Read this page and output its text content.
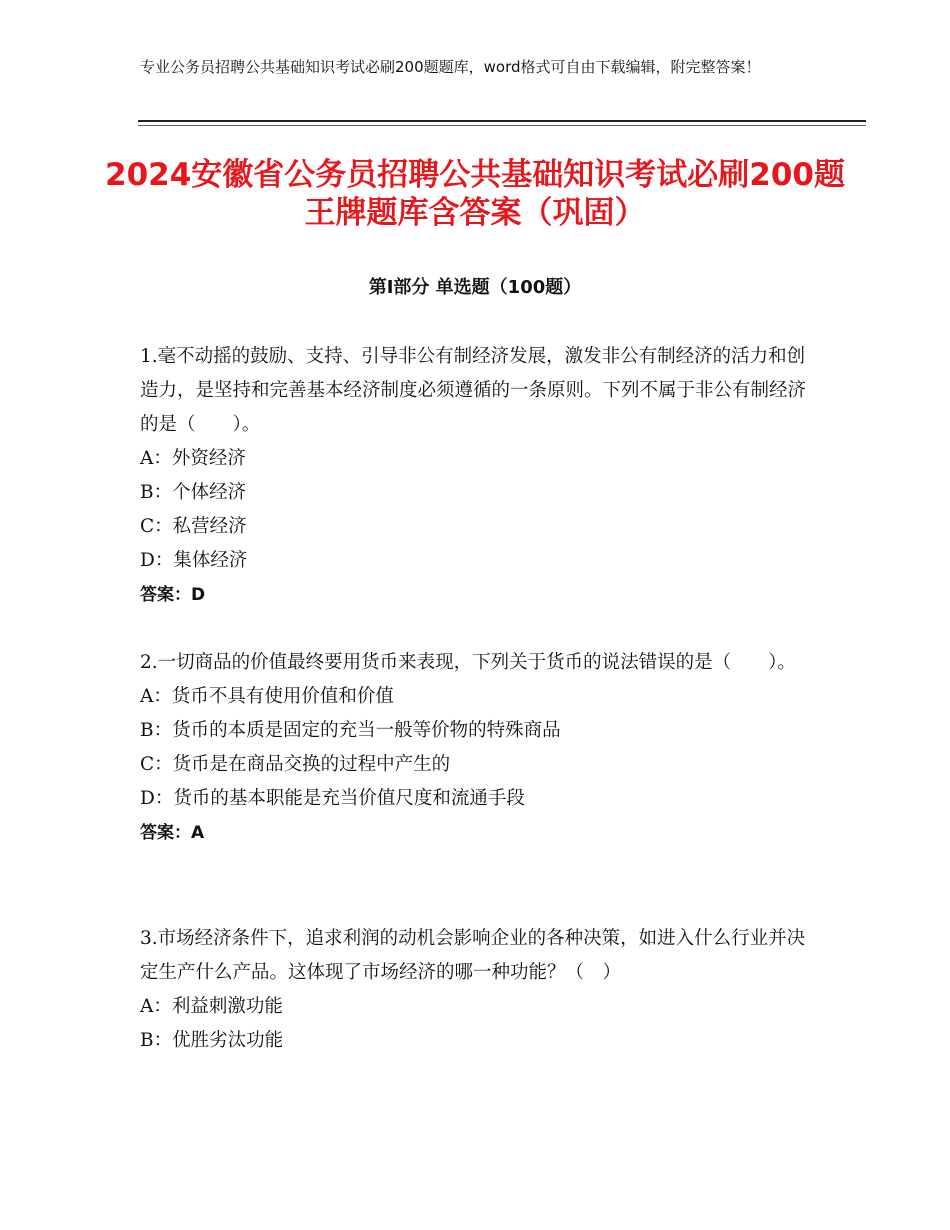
专业公务员招聘公共基础知识考试必刷200题题库，word格式可自由下载编辑，附完整答案！
2024安徽省公务员招聘公共基础知识考试必刷200题王牌题库含答案（巩固）
第Ⅰ部分 单选题（100题）

1.毫不动摇的鼓励、支持、引导非公有制经济发展，激发非公有制经济的活力和创造力，是坚持和完善基本经济制度必须遵循的一条原则。下列不属于非公有制经济的是（　　）。

A：外资经济

B：个体经济

C：私营经济

D：集体经济

答案：D

2.一切商品的价值最终要用货币来表现，下列关于货币的说法错误的是（　　）。

A：货币不具有使用价值和价值

B：货币的本质是固定的充当一般等价物的特殊商品

C：货币是在商品交换的过程中产生的

D：货币的基本职能是充当价值尺度和流通手段

答案：A

3.市场经济条件下，追求利润的动机会影响企业的各种决策，如进入什么行业并决定生产什么产品。这体现了市场经济的哪一种功能？（　）

A：利益刺激功能

B：优胜劣汰功能
